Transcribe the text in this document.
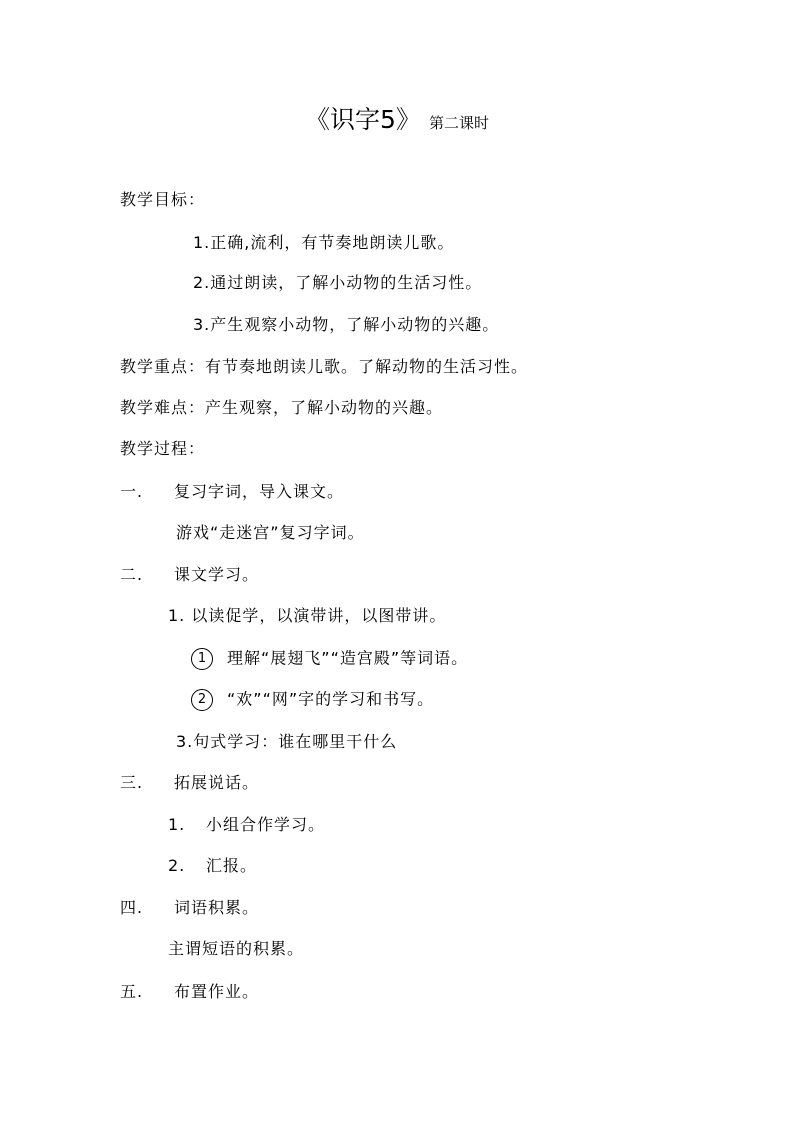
《识字5》 第二课时
教学目标：
1.正确,流利，有节奏地朗读儿歌。
2.通过朗读，了解小动物的生活习性。
3.产生观察小动物，了解小动物的兴趣。
教学重点：有节奏地朗读儿歌。了解动物的生活习性。
教学难点：产生观察，了解小动物的兴趣。
教学过程：
一. 复习字词，导入课文。
游戏“走迷宫”复习字词。
二. 课文学习。
1. 以读促学，以演带讲，以图带讲。
1 理解“展翅飞”“造宫殿”等词语。
2 “欢”“网”字的学习和书写。
3.句式学习：谁在哪里干什么
三. 拓展说话。
1. 小组合作学习。
2. 汇报。
四. 词语积累。
主谓短语的积累。
五. 布置作业。
